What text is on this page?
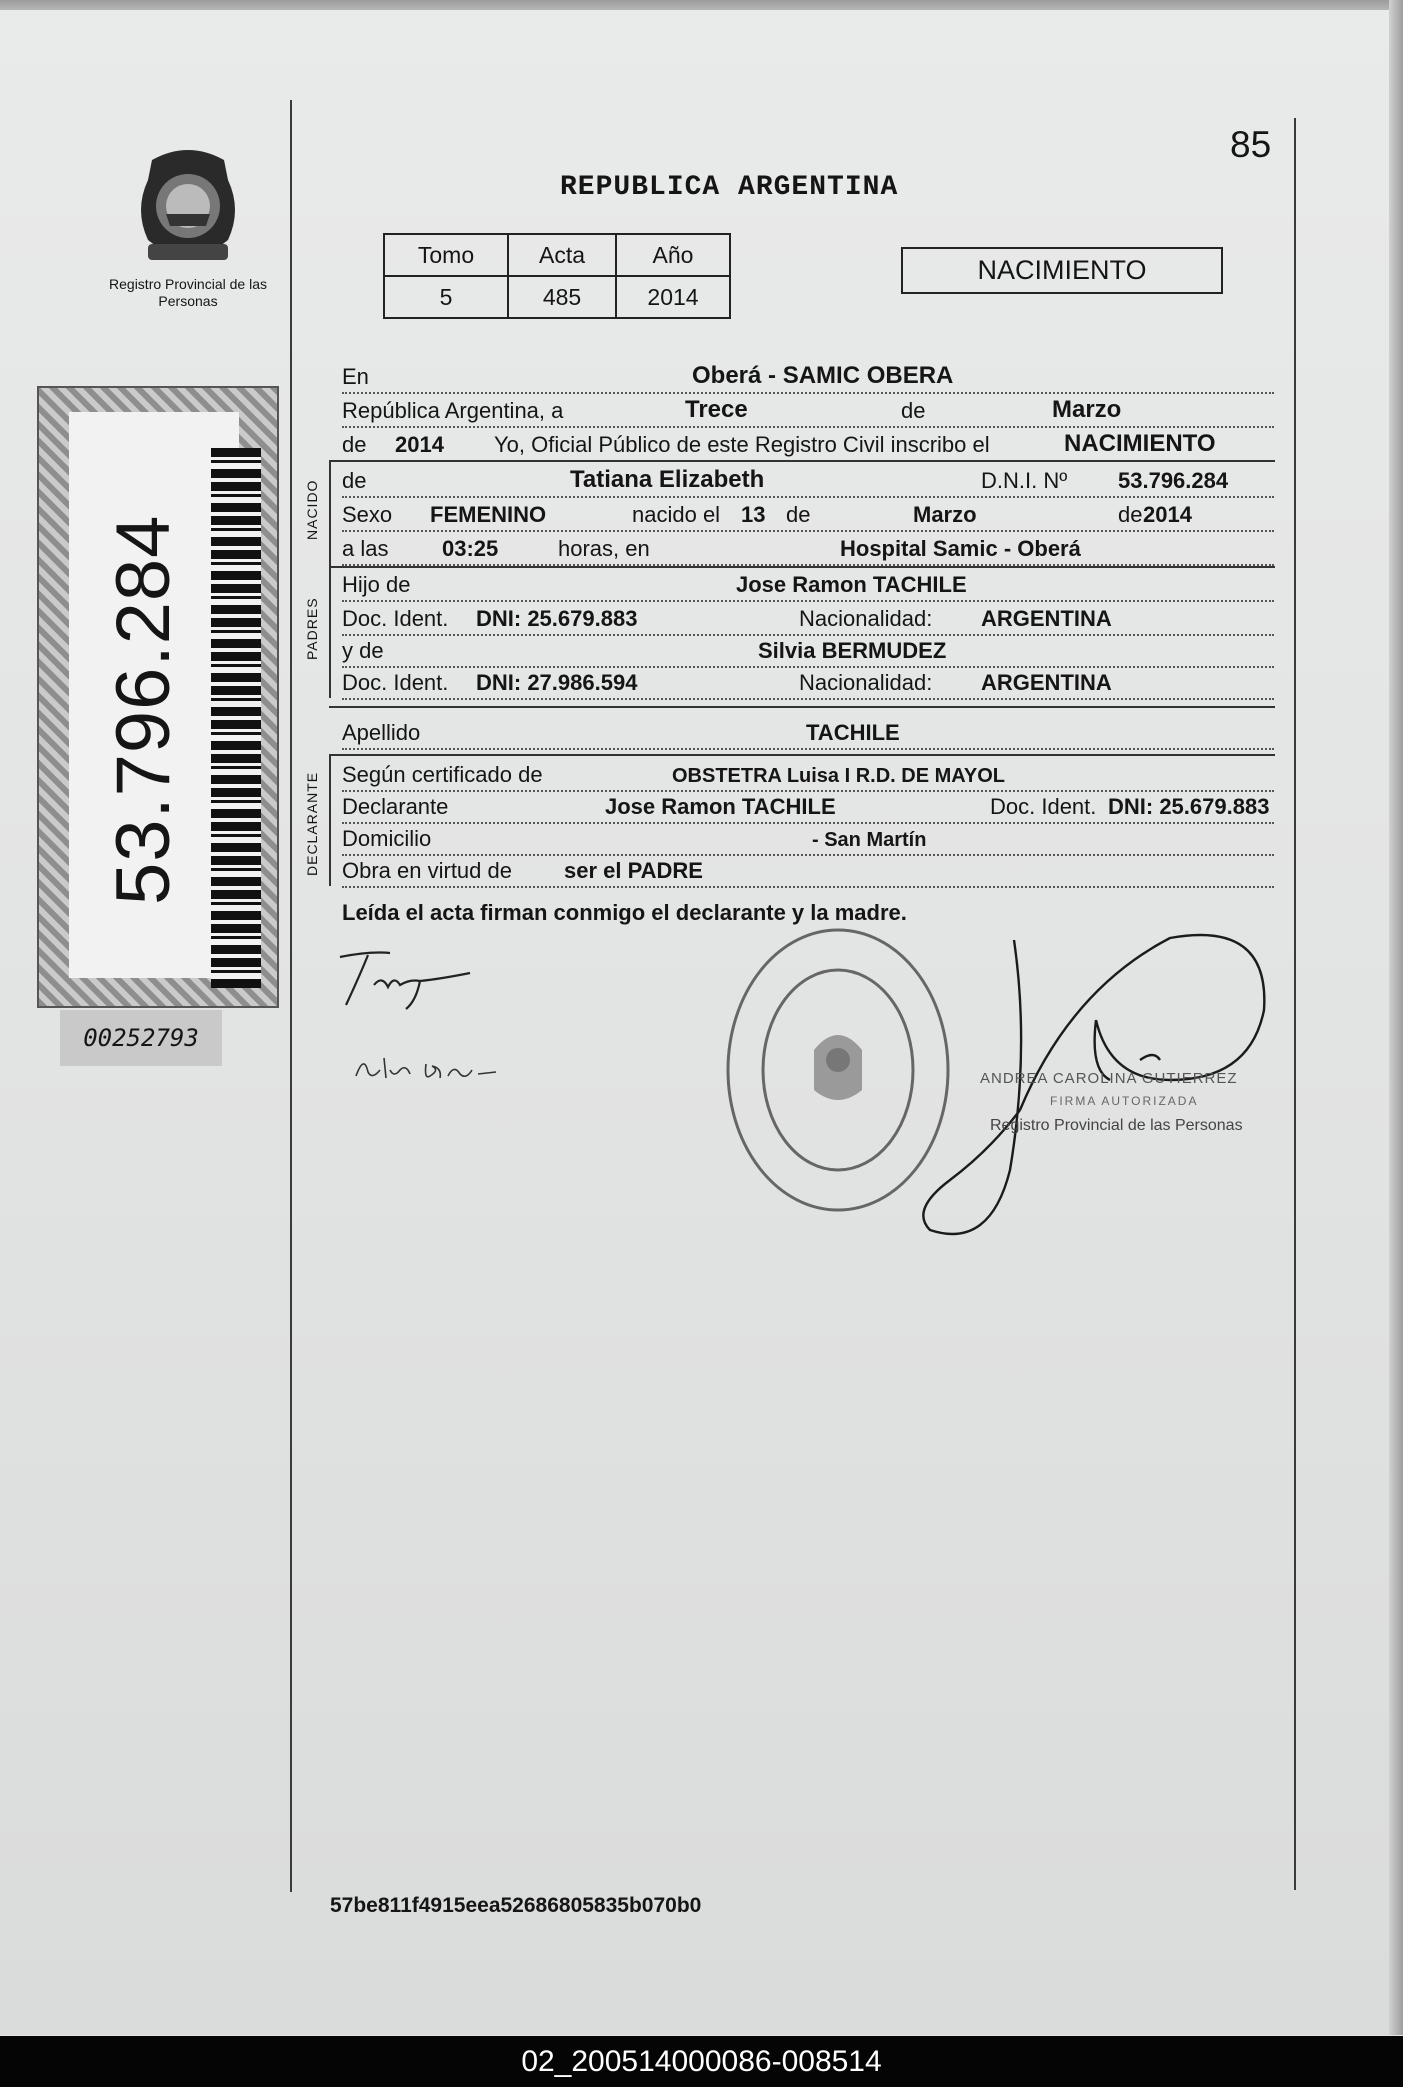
Registro Provincial de las Personas
53.796.284
00252793
85
REPUBLICA ARGENTINA
Tomo	Acta	Año
5	485	2014
NACIMIENTO
En	Oberá - SAMIC OBERA
República Argentina, a	Trece	de	Marzo
de 2014 Yo, Oficial Público de este Registro Civil inscribo el	NACIMIENTO
NACIDO de	Tatiana Elizabeth	D.N.I. Nº 53.796.284
Sexo FEMENINO	nacido el 13 de	Marzo	de 2014
a las 03:25	horas, en	Hospital Samic - Oberá
PADRES
Hijo de	Jose Ramon TACHILE
Doc. Ident. DNI: 25.679.883	Nacionalidad: ARGENTINA
y de	Silvia BERMUDEZ
Doc. Ident. DNI: 27.986.594	Nacionalidad: ARGENTINA
Apellido	TACHILE
DECLARANTE Según certificado de	OBSTETRA Luisa I R.D. DE MAYOL
Declarante	Jose Ramon TACHILE	Doc. Ident. DNI: 25.679.883
Domicilio	- San Martín
Obra en virtud de ser el PADRE
Leída el acta firman conmigo el declarante y la madre.
ANDREA CAROLINA GUTIERREZ
FIRMA AUTORIZADA
Registro Provincial de las Personas
57be811f4915eea52686805835b070b0
02_200514000086-008514
